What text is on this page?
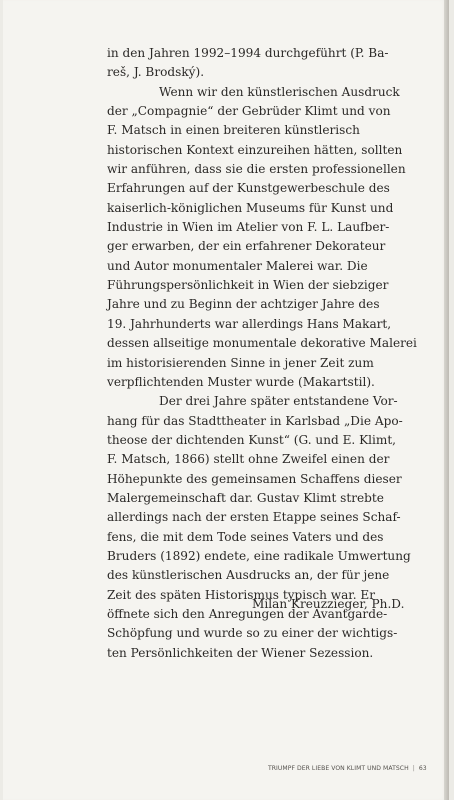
in den Jahren 1992–1994 durchgeführt (P. Ba-
reš, J. Brodský).
Wenn wir den künstlerischen Ausdruck
der „Compagnie“ der Gebrüder Klimt und von
F. Matsch in einen breiteren künstlerisch
historischen Kontext einzureihen hätten, sollten
wir anführen, dass sie die ersten professionellen
Erfahrungen auf der Kunstgewerbeschule des
kaiserlich-königlichen Museums für Kunst und
Industrie in Wien im Atelier von F. L. Laufber-
ger erwarben, der ein erfahrener Dekorateur
und Autor monumentaler Malerei war. Die
Führungspersönlichkeit in Wien der siebziger
Jahre und zu Beginn der achtziger Jahre des
19. Jahrhunderts war allerdings Hans Makart,
dessen allseitige monumentale dekorative Malerei
im historisierenden Sinne in jener Zeit zum
verpflichtenden Muster wurde (Makartstil).
Der drei Jahre später entstandene Vor-
hang für das Stadttheater in Karlsbad „Die Apo-
theose der dichtenden Kunst“ (G. und E. Klimt,
F. Matsch, 1866) stellt ohne Zweifel einen der
Höhepunkte des gemeinsamen Schaffens dieser
Malergemeinschaft dar. Gustav Klimt strebte
allerdings nach der ersten Etappe seines Schaf-
fens, die mit dem Tode seines Vaters und des
Bruders (1892) endete, eine radikale Umwertung
des künstlerischen Ausdrucks an, der für jene
Zeit des späten Historismus typisch war. Er
öffnete sich den Anregungen der Avantgarde-
Schöpfung und wurde so zu einer der wichtigs-
ten Persönlichkeiten der Wiener Sezession.
Milan Kreuzzieger, Ph.D.
TRIUMPF DER LIEBE VON KLIMT UND MATSCH | 63
